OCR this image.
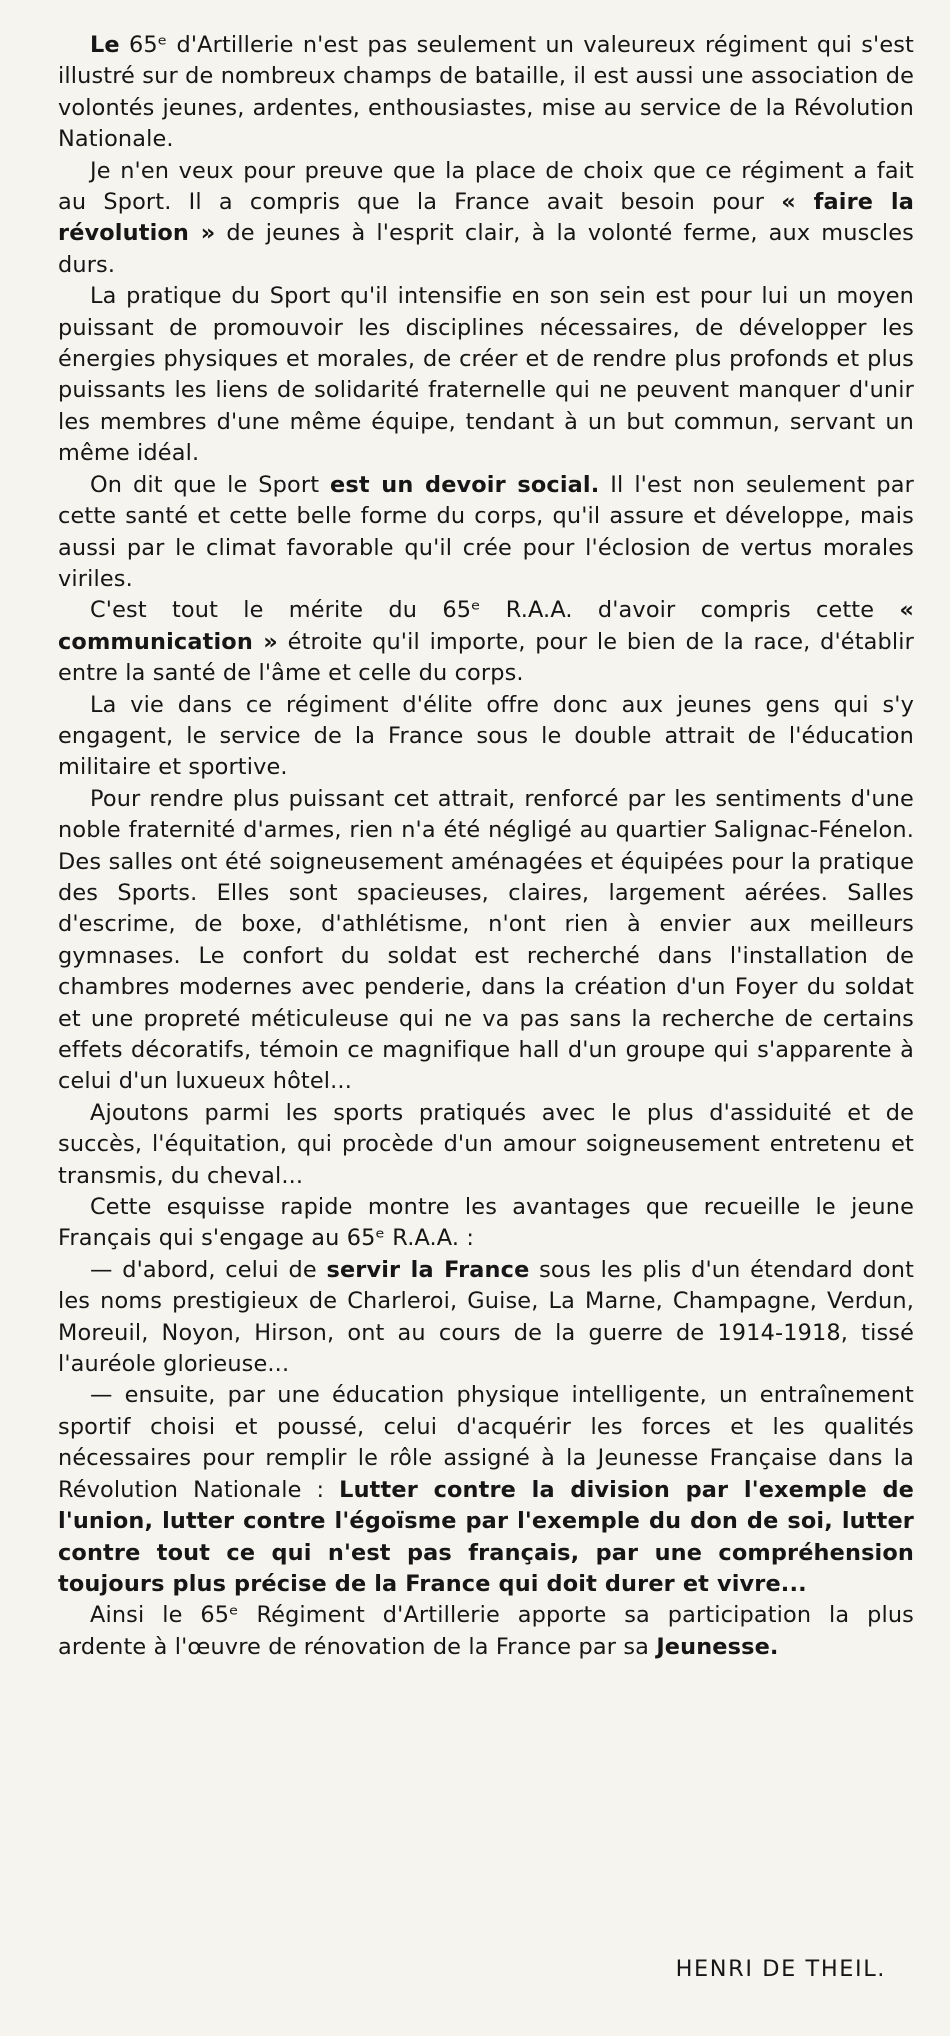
Le 65ᵉ d'Artillerie n'est pas seulement un valeureux régiment qui s'est illustré sur de nombreux champs de bataille, il est aussi une association de volontés jeunes, ardentes, enthousiastes, mise au service de la Révolution Nationale.

Je n'en veux pour preuve que la place de choix que ce régiment a fait au Sport. Il a compris que la France avait besoin pour « faire la révolution » de jeunes à l'esprit clair, à la volonté ferme, aux muscles durs.

La pratique du Sport qu'il intensifie en son sein est pour lui un moyen puissant de promouvoir les disciplines nécessaires, de développer les énergies physiques et morales, de créer et de rendre plus profonds et plus puissants les liens de solidarité fraternelle qui ne peuvent manquer d'unir les membres d'une même équipe, tendant à un but commun, servant un même idéal.

On dit que le Sport est un devoir social. Il l'est non seulement par cette santé et cette belle forme du corps, qu'il assure et développe, mais aussi par le climat favorable qu'il crée pour l'éclosion de vertus morales viriles.

C'est tout le mérite du 65ᵉ R.A.A. d'avoir compris cette « communication » étroite qu'il importe, pour le bien de la race, d'établir entre la santé de l'âme et celle du corps.

La vie dans ce régiment d'élite offre donc aux jeunes gens qui s'y engagent, le service de la France sous le double attrait de l'éducation militaire et sportive.

Pour rendre plus puissant cet attrait, renforcé par les sentiments d'une noble fraternité d'armes, rien n'a été négligé au quartier Salignac-Fénelon. Des salles ont été soigneusement aménagées et équipées pour la pratique des Sports. Elles sont spacieuses, claires, largement aérées. Salles d'escrime, de boxe, d'athlétisme, n'ont rien à envier aux meilleurs gymnases. Le confort du soldat est recherché dans l'installation de chambres modernes avec penderie, dans la création d'un Foyer du soldat et une propreté méticuleuse qui ne va pas sans la recherche de certains effets décoratifs, témoin ce magnifique hall d'un groupe qui s'apparente à celui d'un luxueux hôtel...

Ajoutons parmi les sports pratiqués avec le plus d'assiduité et de succès, l'équitation, qui procède d'un amour soigneusement entretenu et transmis, du cheval...

Cette esquisse rapide montre les avantages que recueille le jeune Français qui s'engage au 65ᵉ R.A.A. :

— d'abord, celui de servir la France sous les plis d'un étendard dont les noms prestigieux de Charleroi, Guise, La Marne, Champagne, Verdun, Moreuil, Noyon, Hirson, ont au cours de la guerre de 1914-1918, tissé l'auréole glorieuse...

— ensuite, par une éducation physique intelligente, un entraînement sportif choisi et poussé, celui d'acquérir les forces et les qualités nécessaires pour remplir le rôle assigné à la Jeunesse Française dans la Révolution Nationale : Lutter contre la division par l'exemple de l'union, lutter contre l'égoïsme par l'exemple du don de soi, lutter contre tout ce qui n'est pas français, par une compréhension toujours plus précise de la France qui doit durer et vivre...

Ainsi le 65ᵉ Régiment d'Artillerie apporte sa participation la plus ardente à l'œuvre de rénovation de la France par sa Jeunesse.

HENRI DE THEIL.
